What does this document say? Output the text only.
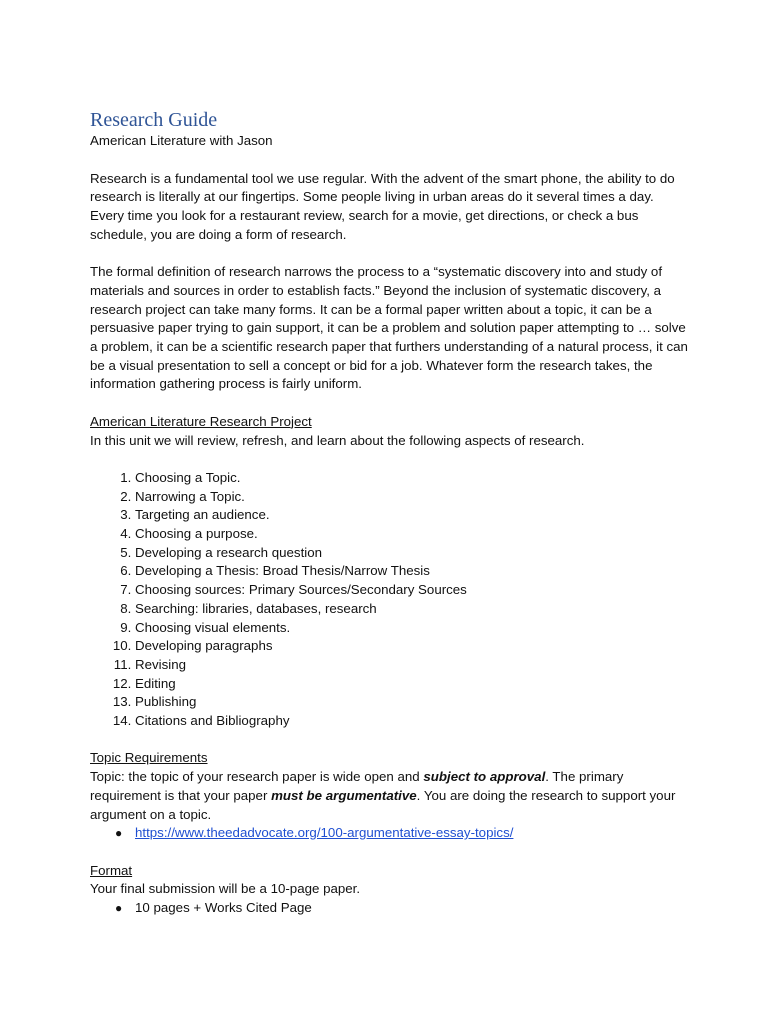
Research Guide

American Literature with Jason

Research is a fundamental tool we use regular. With the advent of the smart phone, the ability to do research is literally at our fingertips. Some people living in urban areas do it several times a day. Every time you look for a restaurant review, search for a movie, get directions, or check a bus schedule, you are doing a form of research.

The formal definition of research narrows the process to a “systematic discovery into and study of materials and sources in order to establish facts.” Beyond the inclusion of systematic discovery, a research project can take many forms. It can be a formal paper written about a topic, it can be a persuasive paper trying to gain support, it can be a problem and solution paper attempting to … solve a problem, it can be a scientific research paper that furthers understanding of a natural process, it can be a visual presentation to sell a concept or bid for a job. Whatever form the research takes, the information gathering process is fairly uniform.

American Literature Research Project

In this unit we will review, refresh, and learn about the following aspects of research.

1. Choosing a Topic.
2. Narrowing a Topic.
3. Targeting an audience.
4. Choosing a purpose.
5. Developing a research question
6. Developing a Thesis: Broad Thesis/Narrow Thesis
7. Choosing sources: Primary Sources/Secondary Sources
8. Searching: libraries, databases, research
9. Choosing visual elements.
10. Developing paragraphs
11. Revising
12. Editing
13. Publishing
14. Citations and Bibliography

Topic Requirements

Topic: the topic of your research paper is wide open and subject to approval. The primary requirement is that your paper must be argumentative. You are doing the research to support your argument on a topic.

● https://www.theedadvocate.org/100-argumentative-essay-topics/

Format

Your final submission will be a 10-page paper.

● 10 pages + Works Cited Page
